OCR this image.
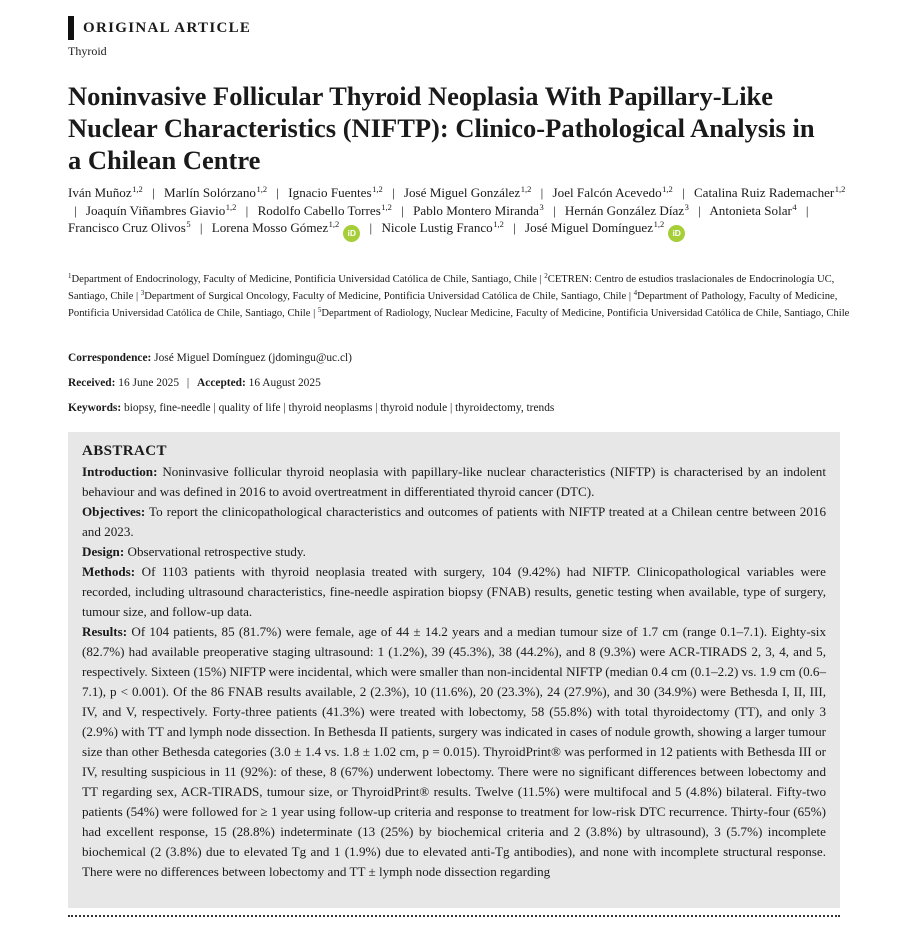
ORIGINAL ARTICLE
Thyroid
Noninvasive Follicular Thyroid Neoplasia With Papillary-Like Nuclear Characteristics (NIFTP): Clinico-Pathological Analysis in a Chilean Centre
Iván Muñoz$^{1,2}$ | Marlín Solórzano$^{1,2}$ | Ignacio Fuentes$^{1,2}$ | José Miguel González$^{1,2}$ | Joel Falcón Acevedo$^{1,2}$ | Catalina Ruiz Rademacher$^{1,2}$ | Joaquín Viñambres Giavio$^{1,2}$ | Rodolfo Cabello Torres$^{1,2}$ | Pablo Montero Miranda$^3$ | Hernán González Díaz$^3$ | Antonieta Solar$^4$ | Francisco Cruz Olivos$^5$ | Lorena Mosso Gómez$^{1,2}$iD | Nicole Lustig Franco$^{1,2}$ | José Miguel Domínguez$^{1,2}$iD
$^1$Department of Endocrinology, Faculty of Medicine, Pontificia Universidad Católica de Chile, Santiago, Chile | $^2$CETREN: Centro de estudios traslacionales de Endocrinología UC, Santiago, Chile | $^3$Department of Surgical Oncology, Faculty of Medicine, Pontificia Universidad Católica de Chile, Santiago, Chile | $^4$Department of Pathology, Faculty of Medicine, Pontificia Universidad Católica de Chile, Santiago, Chile | $^5$Department of Radiology, Nuclear Medicine, Faculty of Medicine, Pontificia Universidad Católica de Chile, Santiago, Chile
Correspondence: José Miguel Domínguez (jdomingu@uc.cl)
Received: 16 June 2025 | Accepted: 16 August 2025
Keywords: biopsy, fine-needle | quality of life | thyroid neoplasms | thyroid nodule | thyroidectomy, trends
ABSTRACT

Introduction: Noninvasive follicular thyroid neoplasia with papillary-like nuclear characteristics (NIFTP) is characterised by an indolent behaviour and was defined in 2016 to avoid overtreatment in differentiated thyroid cancer (DTC).

Objectives: To report the clinicopathological characteristics and outcomes of patients with NIFTP treated at a Chilean centre between 2016 and 2023.

Design: Observational retrospective study.

Methods: Of 1103 patients with thyroid neoplasia treated with surgery, 104 (9.42%) had NIFTP. Clinicopathological variables were recorded, including ultrasound characteristics, fine-needle aspiration biopsy (FNAB) results, genetic testing when available, type of surgery, tumour size, and follow-up data.

Results: Of 104 patients, 85 (81.7%) were female, age of 44 ± 14.2 years and a median tumour size of 1.7 cm (range 0.1–7.1). Eighty-six (82.7%) had available preoperative staging ultrasound: 1 (1.2%), 39 (45.3%), 38 (44.2%), and 8 (9.3%) were ACR-TIRADS 2, 3, 4, and 5, respectively. Sixteen (15%) NIFTP were incidental, which were smaller than non-incidental NIFTP (median 0.4 cm (0.1–2.2) vs. 1.9 cm (0.6–7.1), p < 0.001). Of the 86 FNAB results available, 2 (2.3%), 10 (11.6%), 20 (23.3%), 24 (27.9%), and 30 (34.9%) were Bethesda I, II, III, IV, and V, respectively. Forty-three patients (41.3%) were treated with lobectomy, 58 (55.8%) with total thyroidectomy (TT), and only 3 (2.9%) with TT and lymph node dissection. In Bethesda II patients, surgery was indicated in cases of nodule growth, showing a larger tumour size than other Bethesda categories (3.0 ± 1.4 vs. 1.8 ± 1.02 cm, p = 0.015). ThyroidPrint® was performed in 12 patients with Bethesda III or IV, resulting suspicious in 11 (92%): of these, 8 (67%) underwent lobectomy. There were no significant differences between lobectomy and TT regarding sex, ACR-TIRADS, tumour size, or ThyroidPrint® results. Twelve (11.5%) were multifocal and 5 (4.8%) bilateral. Fifty-two patients (54%) were followed for ≥ 1 year using follow-up criteria and response to treatment for low-risk DTC recurrence. Thirty-four (65%) had excellent response, 15 (28.8%) indeterminate (13 (25%) by biochemical criteria and 2 (3.8%) by ultrasound), 3 (5.7%) incomplete biochemical (2 (3.8%) due to elevated Tg and 1 (1.9%) due to elevated anti-Tg antibodies), and none with incomplete structural response. There were no differences between lobectomy and TT ± lymph node dissection regarding
